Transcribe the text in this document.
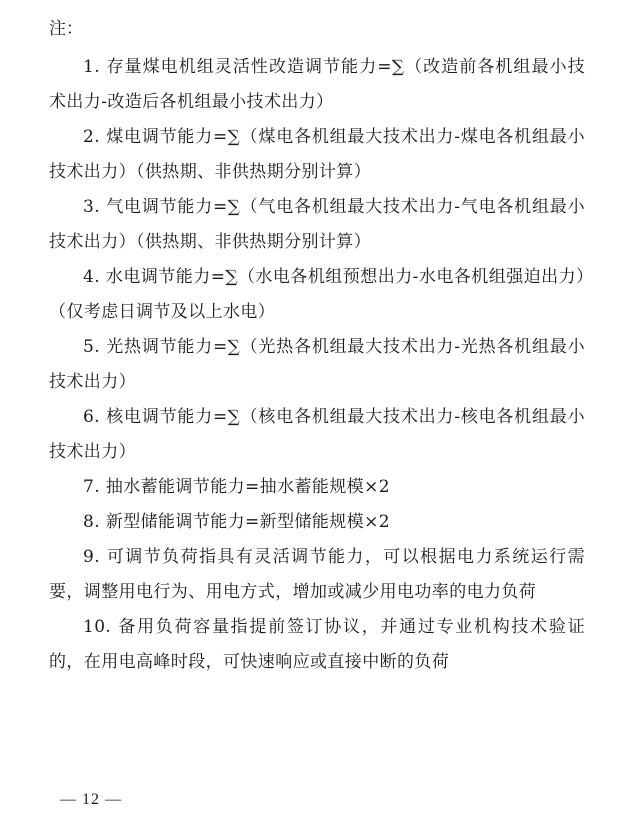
注：

1. 存量煤电机组灵活性改造调节能力=∑（改造前各机组最小技术出力-改造后各机组最小技术出力）

2. 煤电调节能力=∑（煤电各机组最大技术出力-煤电各机组最小技术出力）（供热期、非供热期分别计算）

3. 气电调节能力=∑（气电各机组最大技术出力-气电各机组最小技术出力）（供热期、非供热期分别计算）

4. 水电调节能力=∑（水电各机组预想出力-水电各机组强迫出力）（仅考虑日调节及以上水电）

5. 光热调节能力=∑（光热各机组最大技术出力-光热各机组最小技术出力）

6. 核电调节能力=∑（核电各机组最大技术出力-核电各机组最小技术出力）

7. 抽水蓄能调节能力=抽水蓄能规模×2

8. 新型储能调节能力=新型储能规模×2

9. 可调节负荷指具有灵活调节能力，可以根据电力系统运行需要，调整用电行为、用电方式，增加或减少用电功率的电力负荷

10. 备用负荷容量指提前签订协议，并通过专业机构技术验证的，在用电高峰时段，可快速响应或直接中断的负荷

— 12 —
